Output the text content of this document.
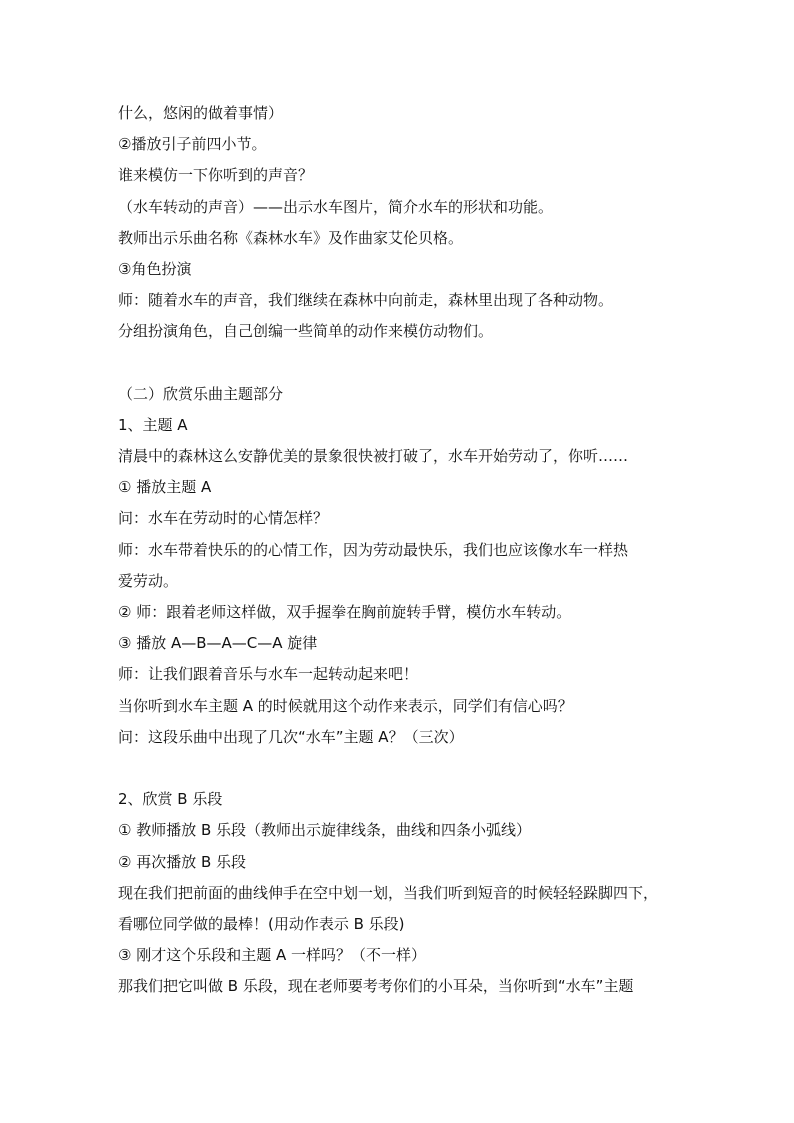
什么，悠闲的做着事情）
②播放引子前四小节。
谁来模仿一下你听到的声音？
（水车转动的声音）——出示水车图片，简介水车的形状和功能。
教师出示乐曲名称《森林水车》及作曲家艾伦贝格。
③角色扮演
师：随着水车的声音，我们继续在森林中向前走，森林里出现了各种动物。
分组扮演角色，自己创编一些简单的动作来模仿动物们。
（二）欣赏乐曲主题部分
1、主题 A
清晨中的森林这么安静优美的景象很快被打破了，水车开始劳动了，你听……
① 播放主题 A
问：水车在劳动时的心情怎样？
师：水车带着快乐的的心情工作，因为劳动最快乐，我们也应该像水车一样热
爱劳动。
② 师：跟着老师这样做，双手握拳在胸前旋转手臂，模仿水车转动。
③ 播放 A—B—A—C—A 旋律
师：让我们跟着音乐与水车一起转动起来吧！
当你听到水车主题 A 的时候就用这个动作来表示，同学们有信心吗？
问：这段乐曲中出现了几次“水车”主题 A？（三次）
2、欣赏 B 乐段
① 教师播放 B 乐段（教师出示旋律线条，曲线和四条小弧线）
② 再次播放 B 乐段
现在我们把前面的曲线伸手在空中划一划，当我们听到短音的时候轻轻跺脚四下，
看哪位同学做的最棒！(用动作表示 B 乐段)
③ 刚才这个乐段和主题 A 一样吗？（不一样）
那我们把它叫做 B 乐段，现在老师要考考你们的小耳朵，当你听到“水车”主题
